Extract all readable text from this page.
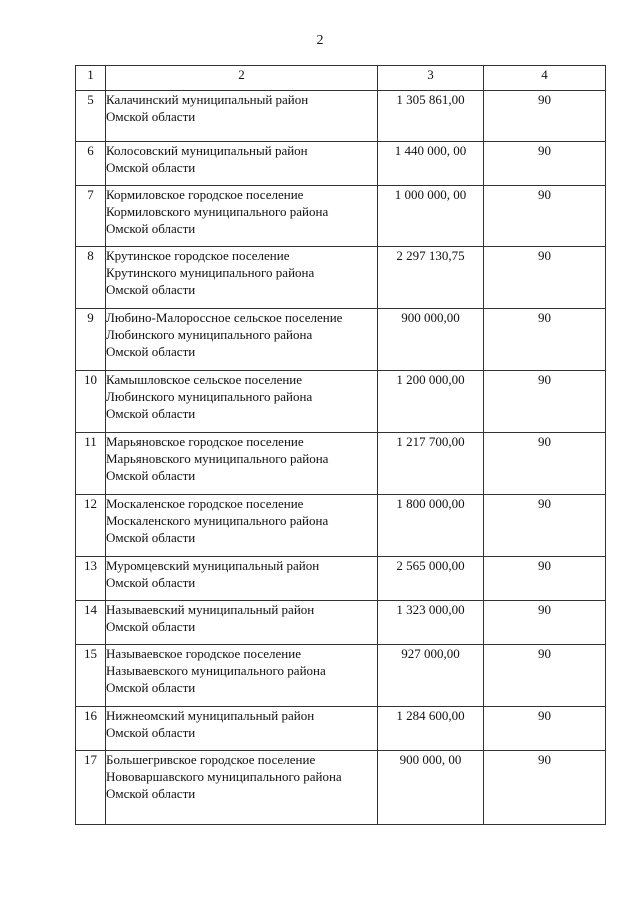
2
1	2	3	4
5	Калачинский муниципальный район
Омской области	1 305 861,00	90
6	Колосовский муниципальный район
Омской области	1 440 000, 00	90
7	Кормиловское городское поселение
Кормиловского муниципального района
Омской области	1 000 000, 00	90
8	Крутинское городское поселение
Крутинского муниципального района
Омской области	2 297 130,75	90
9	Любино-Малороссное сельское поселение
Любинского муниципального района
Омской области	900 000,00	90
10	Камышловское сельское поселение
Любинского муниципального района
Омской области	1 200 000,00	90
11	Марьяновское городское поселение
Марьяновского муниципального района
Омской области	1 217 700,00	90
12	Москаленское городское поселение
Москаленского муниципального района
Омской области	1 800 000,00	90
13	Муромцевский муниципальный район
Омской области	2 565 000,00	90
14	Называевский муниципальный район
Омской области	1 323 000,00	90
15	Называевское городское поселение
Называевского муниципального района
Омской области	927 000,00	90
16	Нижнеомский муниципальный район
Омской области	1 284 600,00	90
17	Большегривское городское поселение
Нововаршавского муниципального района
Омской области	900 000, 00	90
